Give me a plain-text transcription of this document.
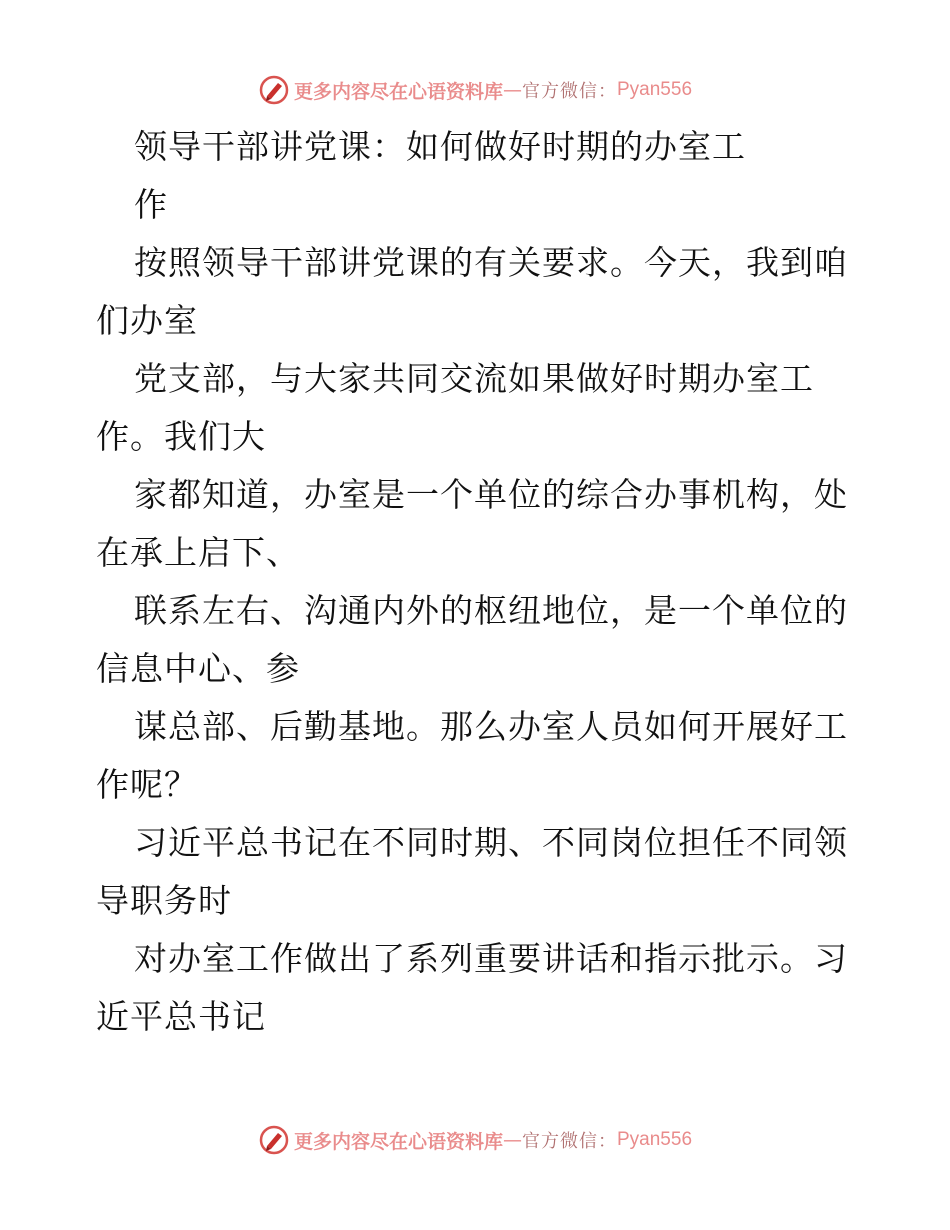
更多内容尽在心语资料库 — 官方微信： Pyan556
领导干部讲党课：如何做好时期的办室工
作
按照领导干部讲党课的有关要求。今天，我到咱
们办室
党支部，与大家共同交流如果做好时期办室工
作。我们大
家都知道，办室是一个单位的综合办事机构，处
在承上启下、
联系左右、沟通内外的枢纽地位，是一个单位的
信息中心、参
谋总部、后勤基地。那么办室人员如何开展好工
作呢？
习近平总书记在不同时期、不同岗位担任不同领
导职务时
对办室工作做出了系列重要讲话和指示批示。习
近平总书记
更多内容尽在心语资料库 — 官方微信： Pyan556
